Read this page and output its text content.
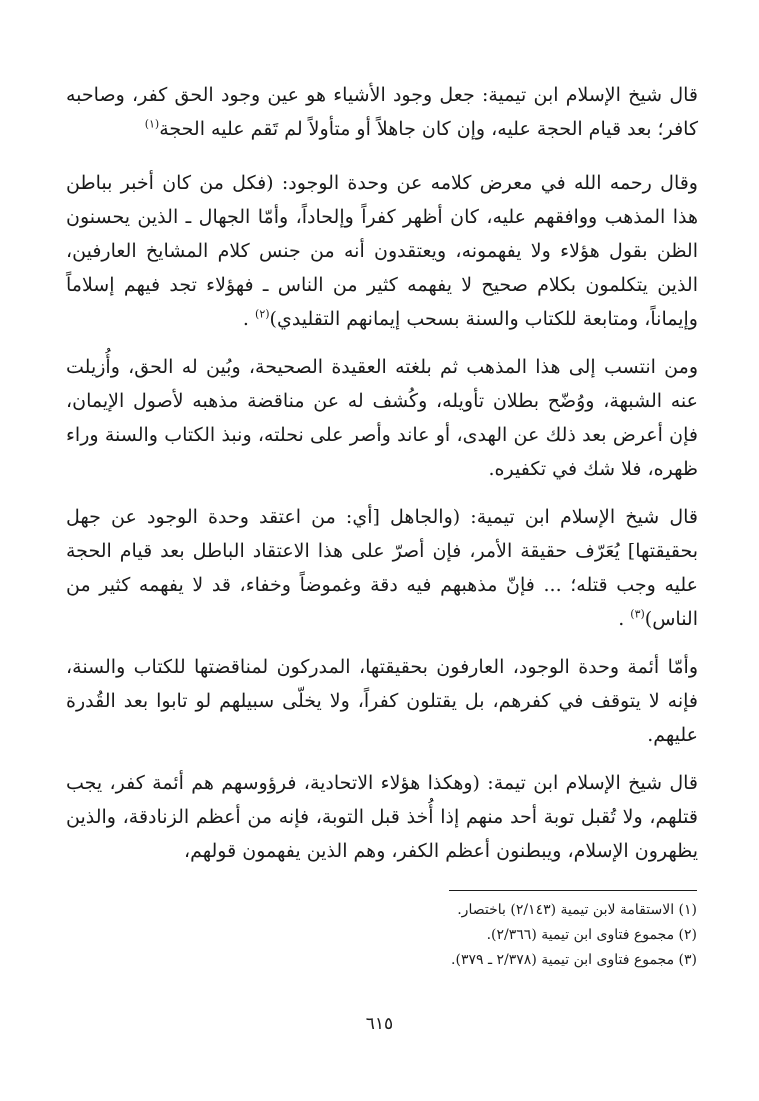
قال شيخ الإسلام ابن تيمية: جعل وجود الأشياء هو عين وجود الحق كفر، وصاحبه كافر؛ بعد قيام الحجة عليه، وإن كان جاهلاً أو متأولاً لم تَقم عليه الحجة$^{(١)}$

وقال رحمه الله في معرض كلامه عن وحدة الوجود: (فكل من كان أخبر بباطن هذا المذهب ووافقهم عليه، كان أظهر كفراً وإلحاداً، وأمّا الجهال ـ الذين يحسنون الظن بقول هؤلاء ولا يفهمونه، ويعتقدون أنه من جنس كلام المشايخ العارفين، الذين يتكلمون بكلام صحيح لا يفهمه كثير من الناس ـ فهؤلاء تجد فيهم إسلاماً وإيماناً، ومتابعة للكتاب والسنة بسحب إيمانهم التقليدي)$^{(٢)}$ .

ومن انتسب إلى هذا المذهب ثم بلغته العقيدة الصحيحة، وبُين له الحق، وأُزيلت عنه الشبهة، ووُضّح بطلان تأويله، وكُشف له عن مناقضة مذهبه لأصول الإيمان، فإن أعرض بعد ذلك عن الهدى، أو عاند وأصر على نحلته، ونبذ الكتاب والسنة وراء ظهره، فلا شك في تكفيره.

قال شيخ الإسلام ابن تيمية: (والجاهل [أي: من اعتقد وحدة الوجود عن جهل بحقيقتها] يُعَرّف حقيقة الأمر، فإن أصرّ على هذا الاعتقاد الباطل بعد قيام الحجة عليه وجب قتله؛ ... فإنّ مذهبهم فيه دقة وغموضاً وخفاء، قد لا يفهمه كثير من الناس)$^{(٣)}$ .

وأمّا أئمة وحدة الوجود، العارفون بحقيقتها، المدركون لمناقضتها للكتاب والسنة، فإنه لا يتوقف في كفرهم، بل يقتلون كفراً، ولا يخلّى سبيلهم لو تابوا بعد القُدرة عليهم.

قال شيخ الإسلام ابن تيمة: (وهكذا هؤلاء الاتحادية، فرؤوسهم هم أئمة كفر، يجب قتلهم، ولا تُقبل توبة أحد منهم إذا أُخذ قبل التوبة، فإنه من أعظم الزنادقة، والذين يظهرون الإسلام، ويبطنون أعظم الكفر، وهم الذين يفهمون قولهم،

(١) الاستقامة لابن تيمية (٢/١٤٣) باختصار.
(٢) مجموع فتاوى ابن تيمية (٢/٣٦٦).
(٣) مجموع فتاوى ابن تيمية (٢/٣٧٨ ـ ٣٧٩).
٦١٥
